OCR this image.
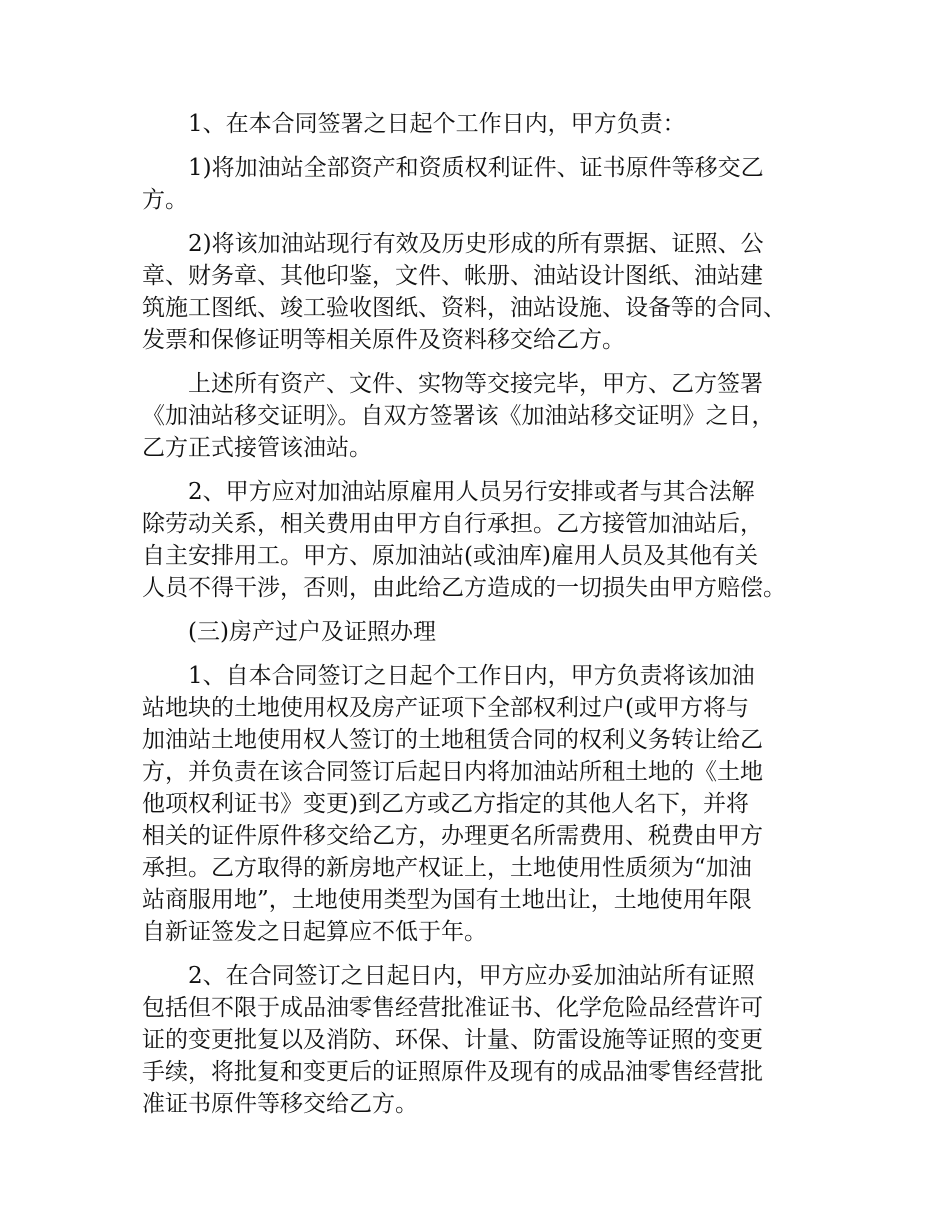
1、在本合同签署之日起个工作日内，甲方负责：
1)将加油站全部资产和资质权利证件、证书原件等移交乙
方。
2)将该加油站现行有效及历史形成的所有票据、证照、公
章、财务章、其他印鉴，文件、帐册、油站设计图纸、油站建
筑施工图纸、竣工验收图纸、资料，油站设施、设备等的合同、
发票和保修证明等相关原件及资料移交给乙方。
上述所有资产、文件、实物等交接完毕，甲方、乙方签署
《加油站移交证明》。自双方签署该《加油站移交证明》之日，
乙方正式接管该油站。
2、甲方应对加油站原雇用人员另行安排或者与其合法解
除劳动关系，相关费用由甲方自行承担。乙方接管加油站后，
自主安排用工。甲方、原加油站(或油库)雇用人员及其他有关
人员不得干涉，否则，由此给乙方造成的一切损失由甲方赔偿。
(三)房产过户及证照办理
1、自本合同签订之日起个工作日内，甲方负责将该加油
站地块的土地使用权及房产证项下全部权利过户(或甲方将与
加油站土地使用权人签订的土地租赁合同的权利义务转让给乙
方，并负责在该合同签订后起日内将加油站所租土地的《土地
他项权利证书》变更)到乙方或乙方指定的其他人名下，并将
相关的证件原件移交给乙方，办理更名所需费用、税费由甲方
承担。乙方取得的新房地产权证上，土地使用性质须为“加油
站商服用地”，土地使用类型为国有土地出让，土地使用年限
自新证签发之日起算应不低于年。
2、在合同签订之日起日内，甲方应办妥加油站所有证照
包括但不限于成品油零售经营批准证书、化学危险品经营许可
证的变更批复以及消防、环保、计量、防雷设施等证照的变更
手续，将批复和变更后的证照原件及现有的成品油零售经营批
准证书原件等移交给乙方。
